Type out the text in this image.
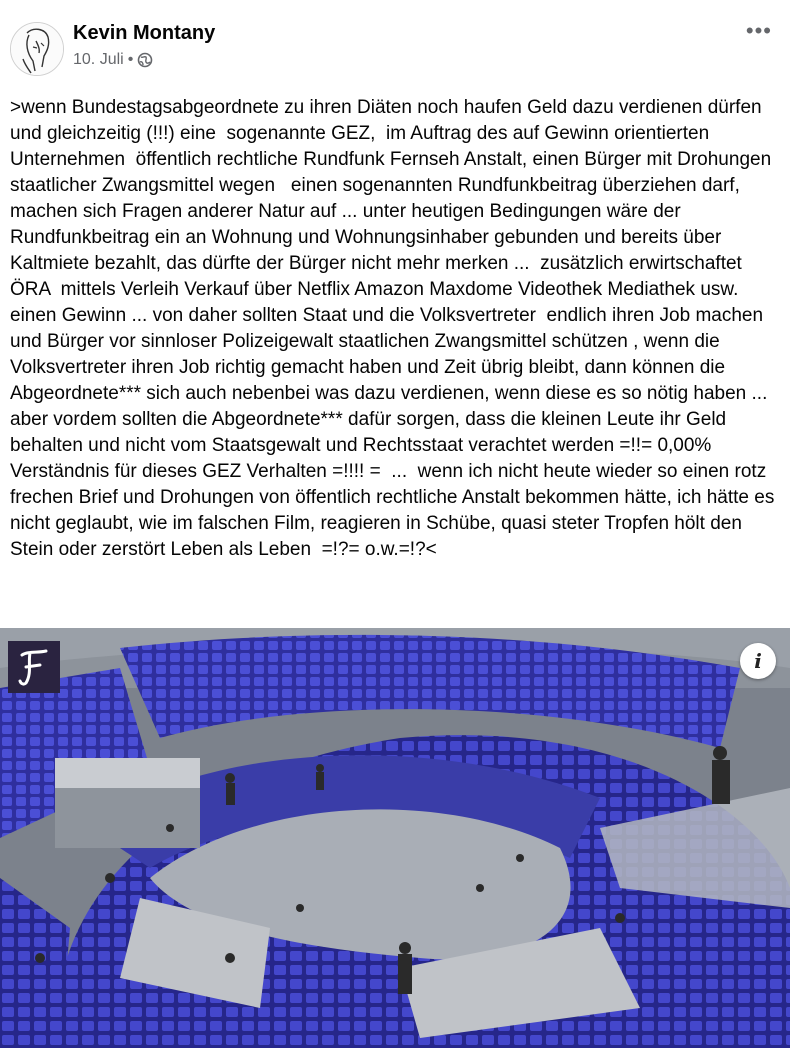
Kevin Montany
10. Juli •
•••
>wenn Bundestagsabgeordnete zu ihren Diäten noch haufen Geld dazu verdienen dürfen und gleichzeitig (!!!) eine  sogenannte GEZ,  im Auftrag des auf Gewinn orientierten Unternehmen  öffentlich rechtliche Rundfunk Fernseh Anstalt, einen Bürger mit Drohungen staatlicher Zwangsmittel wegen   einen sogenannten Rundfunkbeitrag überziehen darf, machen sich Fragen anderer Natur auf ... unter heutigen Bedingungen wäre der Rundfunkbeitrag ein an Wohnung und Wohnungsinhaber gebunden und bereits über Kaltmiete bezahlt, das dürfte der Bürger nicht mehr merken ...  zusätzlich erwirtschaftet ÖRA  mittels Verleih Verkauf über Netflix Amazon Maxdome Videothek Mediathek usw.   einen Gewinn ... von daher sollten Staat und die Volksvertreter  endlich ihren Job machen und Bürger vor sinnloser Polizeigewalt staatlichen Zwangsmittel schützen , wenn die Volksvertreter ihren Job richtig gemacht haben und Zeit übrig bleibt, dann können die Abgeordnete*** sich auch nebenbei was dazu verdienen, wenn diese es so nötig haben ... aber vordem sollten die Abgeordnete*** dafür sorgen, dass die kleinen Leute ihr Geld behalten und nicht vom Staatsgewalt und Rechtsstaat verachtet werden =!!= 0,00% Verständnis für dieses GEZ Verhalten =!!!! =  ...  wenn ich nicht heute wieder so einen rotz frechen Brief und Drohungen von öffentlich rechtliche Anstalt bekommen hätte, ich hätte es nicht geglaubt, wie im falschen Film, reagieren in Schübe, quasi steter Tropfen hölt den Stein oder zerstört Leben als Leben  =!?= o.w.=!?<
i
